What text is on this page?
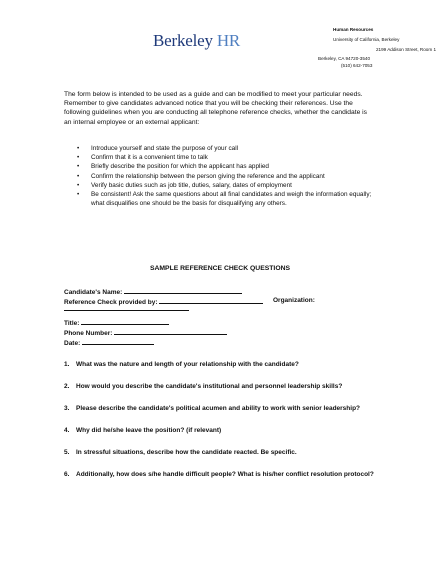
Berkeley HR
Human Resources
University of California, Berkeley
2199 Addison Street, Room 1
Berkeley, CA 94720-3540
(510) 642-7053
The form below is intended to be used as a guide and can be modified to meet your particular needs. Remember to give candidates advanced notice that you will be checking their references. Use the following guidelines when you are conducting all telephone reference checks, whether the candidate is an internal employee or an external applicant:
• Introduce yourself and state the purpose of your call
• Confirm that it is a convenient time to talk
• Briefly describe the position for which the applicant has applied
• Confirm the relationship between the person giving the reference and the applicant
• Verify basic duties such as job title, duties, salary, dates of employment
• Be consistent! Ask the same questions about all final candidates and weigh the information equally; what disqualifies one should be the basis for disqualifying any others.
SAMPLE REFERENCE CHECK QUESTIONS
Candidate's Name:
Reference Check provided by:	Organization:
Title:
Phone Number:
Date:
1. What was the nature and length of your relationship with the candidate?
2. How would you describe the candidate's institutional and personnel leadership skills?
3. Please describe the candidate's political acumen and ability to work with senior leadership?
4. Why did he/she leave the position? (if relevant)
5. In stressful situations, describe how the candidate reacted. Be specific.
6. Additionally, how does s/he handle difficult people? What is his/her conflict resolution protocol?
